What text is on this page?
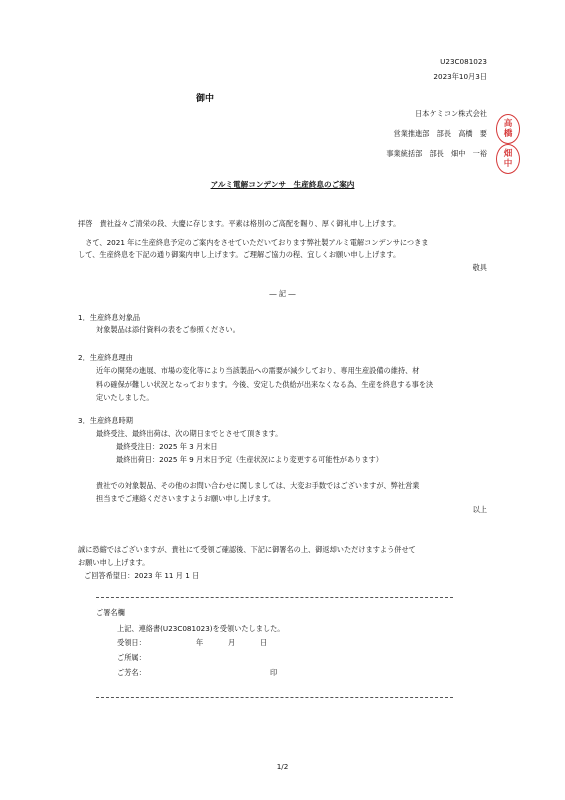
U23C081023
2023年10月3日
御中
日本ケミコン株式会社
営業推進部　部長　高橋　要
事業統括部　部長　畑中　一裕
高
橋
畑
中
アルミ電解コンデンサ　生産終息のご案内
拝啓　貴社益々ご清栄の段、大慶に存じます。平素は格別のご高配を賜り、厚く御礼申し上げます。
　さて、2021 年に生産終息予定のご案内をさせていただいております弊社製アルミ電解コンデンサにつきま
して、生産終息を下記の通り御案内申し上げます。ご理解ご協力の程、宜しくお願い申し上げます。
敬具
― 記 ―
1．生産終息対象品
対象製品は添付資料の表をご参照ください。
2．生産終息理由
近年の開発の進展、市場の変化等により当該製品への需要が減少しており、専用生産設備の維持、材
料の確保が難しい状況となっております。今後、安定した供給が出来なくなる為、生産を終息する事を決
定いたしました。
3．生産終息時期
最終受注、最終出荷は、次の期日までとさせて頂きます。
最終受注日：2025 年 3 月末日
最終出荷日：2025 年 9 月末日予定（生産状況により変更する可能性があります）
貴社での対象製品、その他のお問い合わせに関しましては、大変お手数ではございますが、弊社営業
担当までご連絡くださいますようお願い申し上げます。
以上
誠に恐縮ではございますが、貴社にて受領ご確認後、下記に御署名の上、御返却いただけますよう併せて
お願い申し上げます。
ご回答希望日：2023 年 11 月 1 日
ご署名欄
上記、連絡書(U23C081023)を受領いたしました。
受領日：	年	月	日
ご所属：
ご芳名：	印
1/2
